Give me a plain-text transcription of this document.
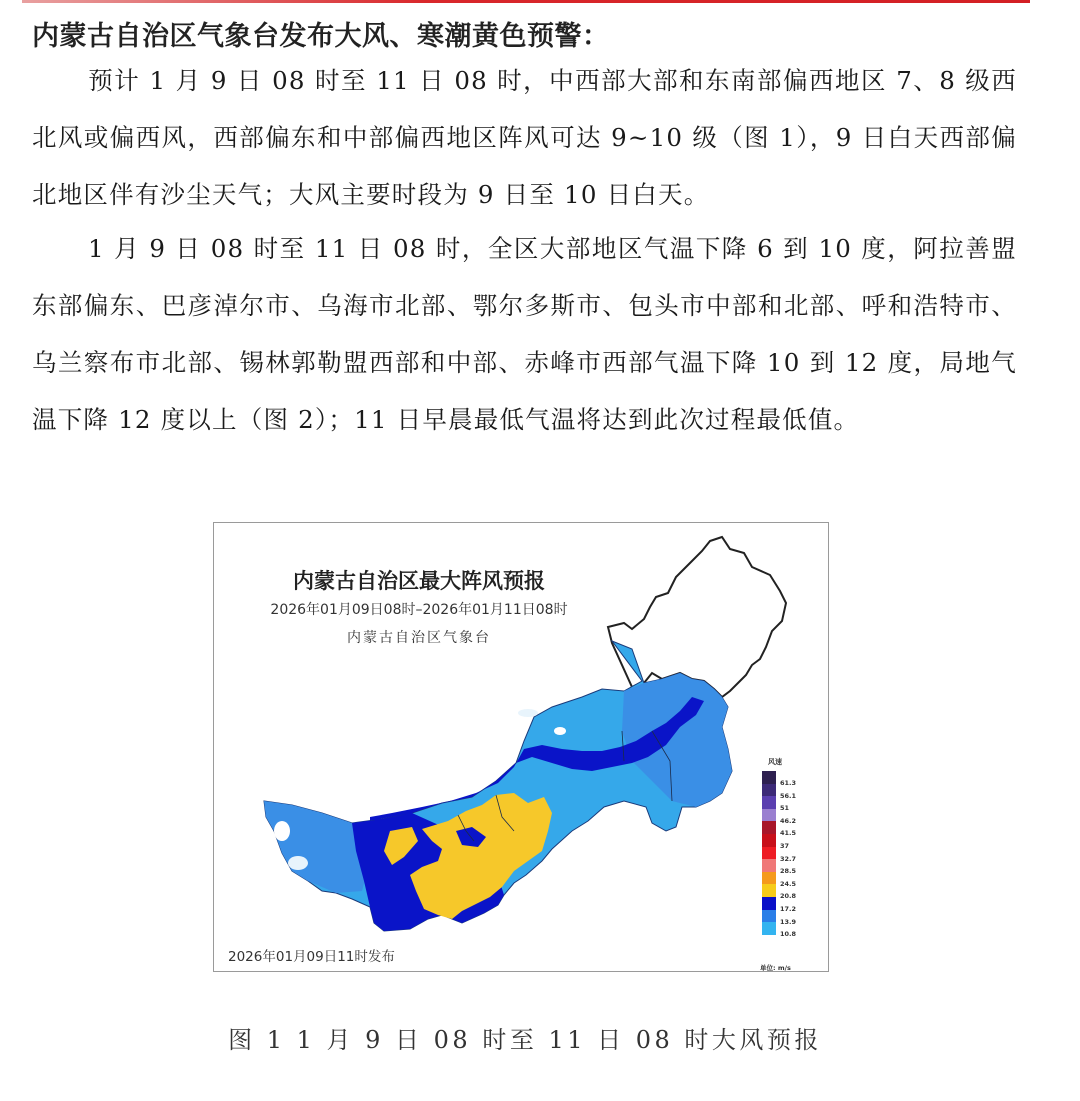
内蒙古自治区气象台发布大风、寒潮黄色预警：
预计 1 月 9 日 08 时至 11 日 08 时，中西部大部和东南部偏西地区 7、8 级西北风或偏西风，西部偏东和中部偏西地区阵风可达 9~10 级（图 1），9 日白天西部偏北地区伴有沙尘天气；大风主要时段为 9 日至 10 日白天。
1 月 9 日 08 时至 11 日 08 时，全区大部地区气温下降 6 到 10 度，阿拉善盟东部偏东、巴彦淖尔市、乌海市北部、鄂尔多斯市、包头市中部和北部、呼和浩特市、乌兰察布市北部、锡林郭勒盟西部和中部、赤峰市西部气温下降 10 到 12 度，局地气温下降 12 度以上（图 2）；11 日早晨最低气温将达到此次过程最低值。
内蒙古自治区最大阵风预报
2026年01月09日08时–2026年01月11日08时
内蒙古自治区气象台
2026年01月09日11时发布
风速
61.3
56.1
51
46.2
41.5
37
32.7
28.5
24.5
20.8
17.2
13.9
10.8
单位: m/s
图 1 1 月 9 日 08 时至 11 日 08 时大风预报
